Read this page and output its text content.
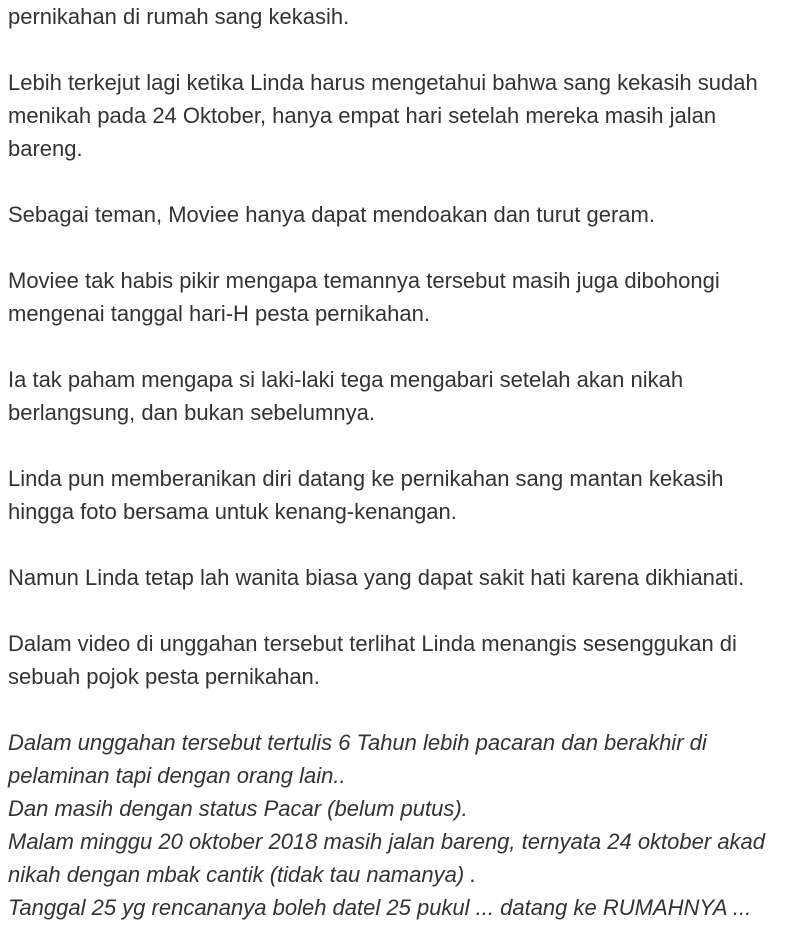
pernikahan di rumah sang kekasih.

Lebih terkejut lagi ketika Linda harus mengetahui bahwa sang kekasih sudah menikah pada 24 Oktober, hanya empat hari setelah mereka masih jalan bareng.

Sebagai teman, Moviee hanya dapat mendoakan dan turut geram.

Moviee tak habis pikir mengapa temannya tersebut masih juga dibohongi mengenai tanggal hari-H pesta pernikahan.

Ia tak paham mengapa si laki-laki tega mengabari setelah akan nikah berlangsung, dan bukan sebelumnya.

Linda pun memberanikan diri datang ke pernikahan sang mantan kekasih hingga foto bersama untuk kenang-kenangan.

Namun Linda tetap lah wanita biasa yang dapat sakit hati karena dikhianati.

Dalam video di unggahan tersebut terlihat Linda menangis sesenggukan di sebuah pojok pesta pernikahan.

Dalam unggahan tersebut tertulis 6 Tahun lebih pacaran dan berakhir di pelaminan tapi dengan orang lain..
Dan masih dengan status Pacar (belum putus).
Malam minggu 20 oktober 2018 masih jalan bareng, ternyata 24 oktober akad nikah dengan mbak cantik (tidak tau namanya) .
Tanggal 25 yg rencananya boleh datel 25 pukul ... datang ke RUMAHNYA ...
